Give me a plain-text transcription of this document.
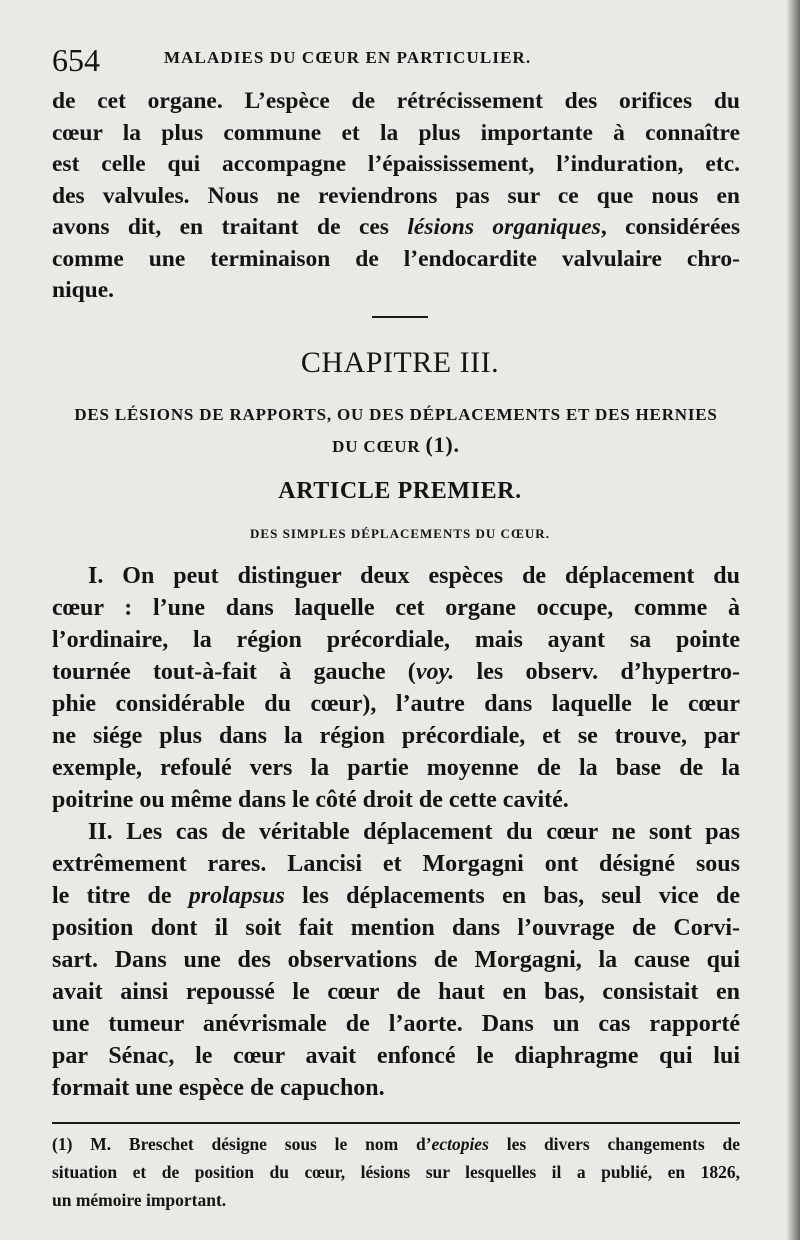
654	MALADIES DU CŒUR EN PARTICULIER.
de cet organe. L’espèce de rétrécissement des orifices du
cœur la plus commune et la plus importante à connaître
est celle qui accompagne l’épaississement, l’induration, etc.
des valvules. Nous ne reviendrons pas sur ce que nous en
avons dit, en traitant de ces lésions organiques, considérées
comme une terminaison de l’endocardite valvulaire chro-
nique.
CHAPITRE III.
DES LÉSIONS DE RAPPORTS, OU DES DÉPLACEMENTS ET DES HERNIES
DU CŒUR (1).
ARTICLE PREMIER.
DES SIMPLES DÉPLACEMENTS DU CŒUR.
I. On peut distinguer deux espèces de déplacement du
cœur : l’une dans laquelle cet organe occupe, comme à
l’ordinaire, la région précordiale, mais ayant sa pointe
tournée tout-à-fait à gauche (voy. les observ. d’hypertro-
phie considérable du cœur), l’autre dans laquelle le cœur
ne siége plus dans la région précordiale, et se trouve, par
exemple, refoulé vers la partie moyenne de la base de la
poitrine ou même dans le côté droit de cette cavité.
II. Les cas de véritable déplacement du cœur ne sont pas
extrêmement rares. Lancisi et Morgagni ont désigné sous
le titre de prolapsus les déplacements en bas, seul vice de
position dont il soit fait mention dans l’ouvrage de Corvi-
sart. Dans une des observations de Morgagni, la cause qui
avait ainsi repoussé le cœur de haut en bas, consistait en
une tumeur anévrismale de l’aorte. Dans un cas rapporté
par Sénac, le cœur avait enfoncé le diaphragme qui lui
formait une espèce de capuchon.
(1) M. Breschet désigne sous le nom d’ectopies les divers changements de
situation et de position du cœur, lésions sur lesquelles il a publié, en 1826,
un mémoire important.
